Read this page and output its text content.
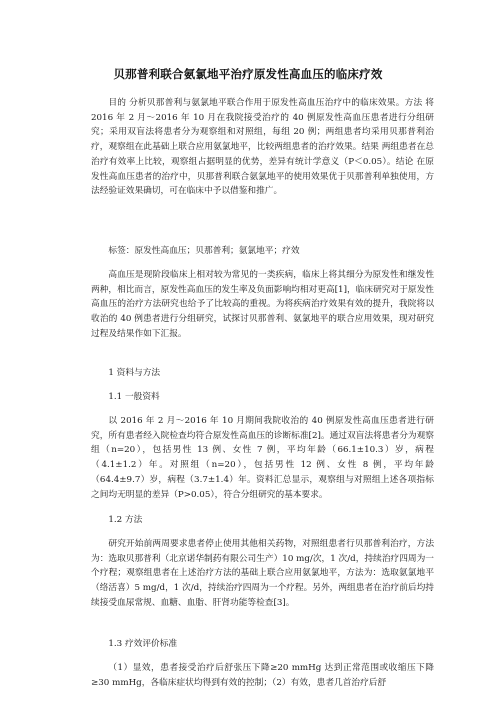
贝那普利联合氨氯地平治疗原发性高血压的临床疗效

目的 分析贝那普利与氨氯地平联合作用于原发性高血压治疗中的临床效果。方法 将 2016 年 2 月～2016 年 10 月在我院接受治疗的 40 例原发性高血压患者进行分组研究；采用双盲法将患者分为观察组和对照组，每组 20 例；两组患者均采用贝那普利治疗，观察组在此基础上联合应用氨氯地平，比较两组患者的治疗效果。结果 两组患者在总治疗有效率上比较，观察组占据明显的优势，差异有统计学意义（P＜0.05）。结论 在原发性高血压患者的治疗中，贝那普利联合氨氯地平的使用效果优于贝那普利单独使用，方法经验证效果确切，可在临床中予以借鉴和推广。

标签：原发性高血压；贝那普利；氨氯地平；疗效

高血压是现阶段临床上相对较为常见的一类疾病，临床上将其细分为原发性和继发性两种，相比而言，原发性高血压的发生率及负面影响均相对更高[1]，临床研究对于原发性高血压的治疗方法研究也给予了比较高的重视。为将疾病治疗效果有效的提升，我院将以收治的 40 例患者进行分组研究，试探讨贝那普利、氨氯地平的联合应用效果，现对研究过程及结果作如下汇报。

1 资料与方法

1.1 一般资料

以 2016 年 2 月～2016 年 10 月期间我院收治的 40 例原发性高血压患者进行研究，所有患者经入院检查均符合原发性高血压的诊断标准[2]。通过双盲法将患者分为观察组（n=20），包括男性 13 例、女性 7 例，平均年龄（66.1±10.3）岁，病程（4.1±1.2）年。对照组（n=20），包括男性 12 例、女性 8 例，平均年龄（64.4±9.7）岁，病程（3.7±1.4）年。资料汇总显示，观察组与对照组上述各项指标之间均无明显的差异（P>0.05），符合分组研究的基本要求。

1.2 方法

研究开始前两周要求患者停止使用其他相关药物，对照组患者行贝那普利治疗，方法为：选取贝那普利（北京诺华制药有限公司生产）10 mg/次，1 次/d，持续治疗四周为一个疗程；观察组患者在上述治疗方法的基础上联合应用氨氯地平，方法为：选取氨氯地平（络活喜）5 mg/d，1 次/d，持续治疗四周为一个疗程。另外，两组患者在治疗前后均持续接受血尿常规、血糖、血脂、肝肾功能等检查[3]。

1.3 疗效评价标准

（1）显效，患者接受治疗后舒张压下降≥20 mmHg 达到正常范围或收缩压下降≥30 mmHg，各临床症状均得到有效的控制；（2）有效，患者几首治疗后舒
